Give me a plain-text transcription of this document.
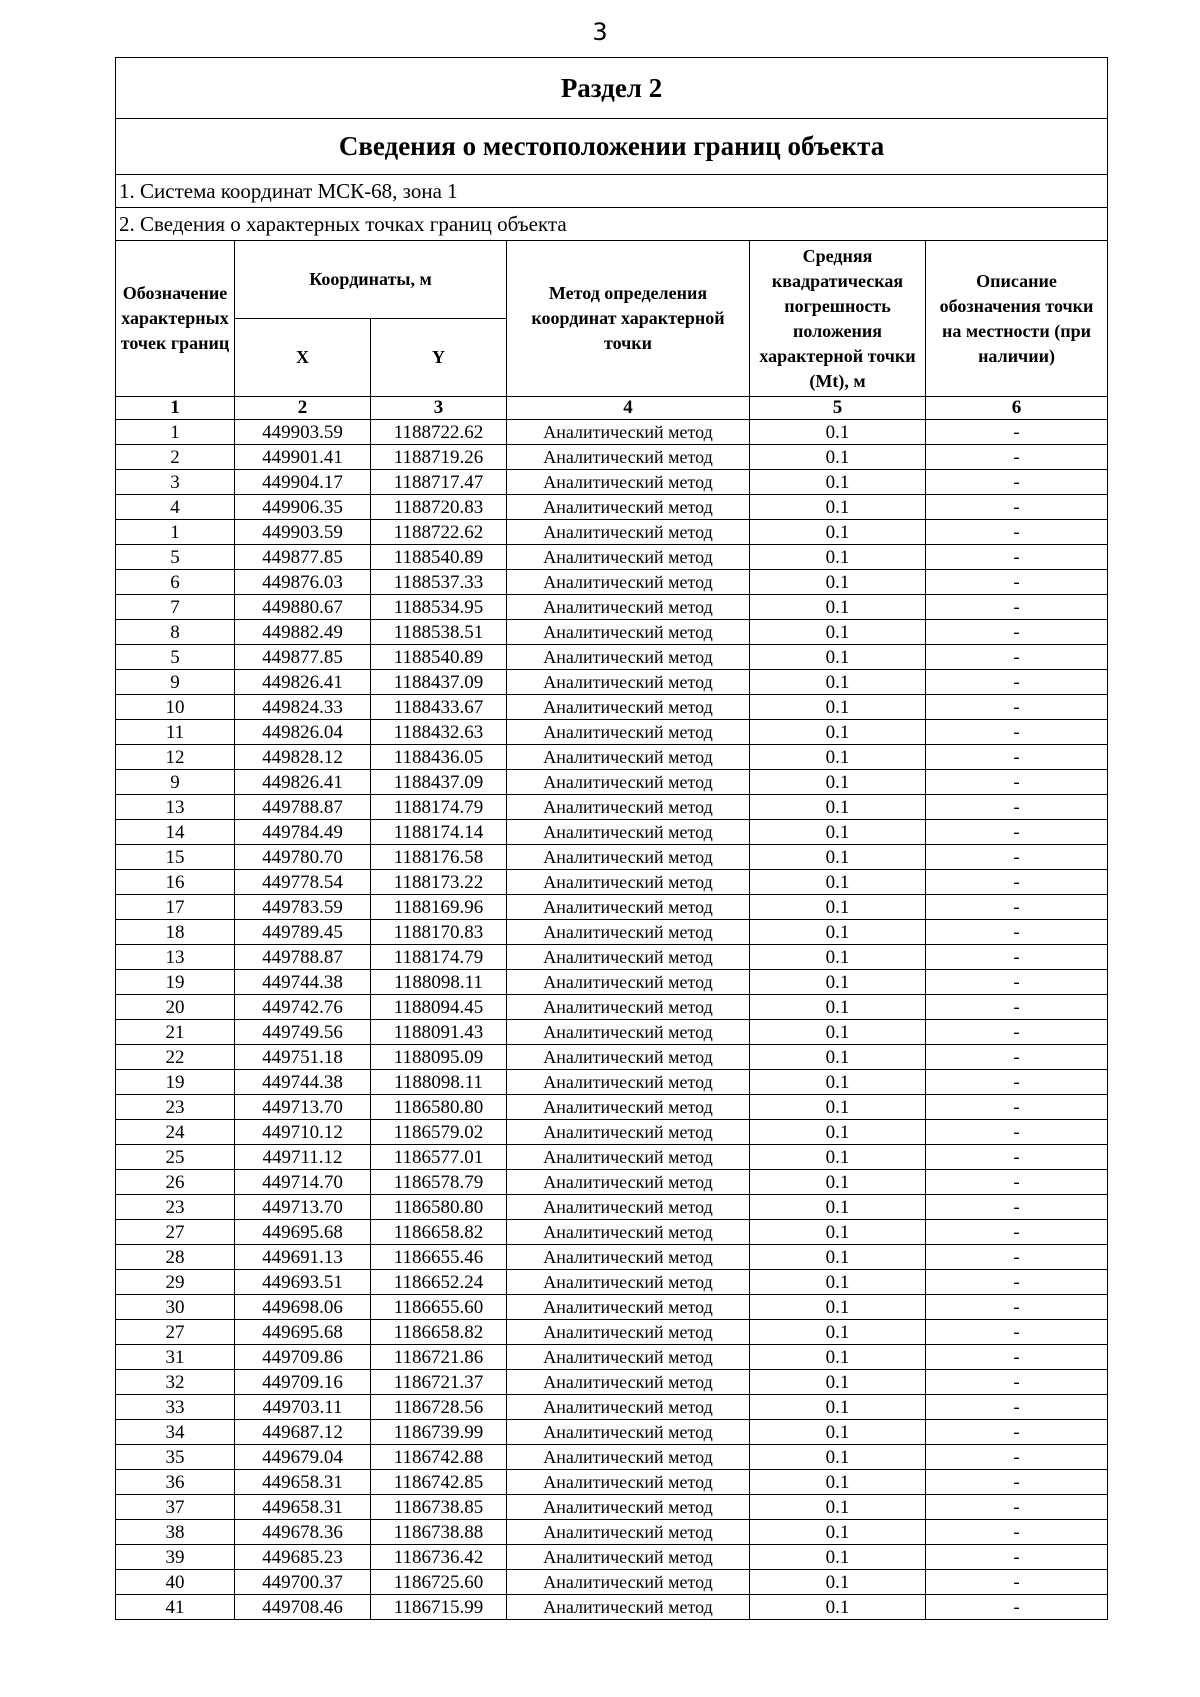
3
Раздел 2					
Сведения о местоположении границ объекта					
1. Система координат МСК-68, зона 1					
2. Сведения о характерных точках границ объекта					
Обозначение характерных точек границ	Координаты, м		Метод определения координат характерной точки	Средняя квадратическая погрешность положения характерной точки (Mt), м	Описание обозначения точки на местности (при наличии)
	X	Y			
1	2	3	4	5	6
1	449903.59	1188722.62	Аналитический метод	0.1	-
2	449901.41	1188719.26	Аналитический метод	0.1	-
3	449904.17	1188717.47	Аналитический метод	0.1	-
4	449906.35	1188720.83	Аналитический метод	0.1	-
1	449903.59	1188722.62	Аналитический метод	0.1	-
5	449877.85	1188540.89	Аналитический метод	0.1	-
6	449876.03	1188537.33	Аналитический метод	0.1	-
7	449880.67	1188534.95	Аналитический метод	0.1	-
8	449882.49	1188538.51	Аналитический метод	0.1	-
5	449877.85	1188540.89	Аналитический метод	0.1	-
9	449826.41	1188437.09	Аналитический метод	0.1	-
10	449824.33	1188433.67	Аналитический метод	0.1	-
11	449826.04	1188432.63	Аналитический метод	0.1	-
12	449828.12	1188436.05	Аналитический метод	0.1	-
9	449826.41	1188437.09	Аналитический метод	0.1	-
13	449788.87	1188174.79	Аналитический метод	0.1	-
14	449784.49	1188174.14	Аналитический метод	0.1	-
15	449780.70	1188176.58	Аналитический метод	0.1	-
16	449778.54	1188173.22	Аналитический метод	0.1	-
17	449783.59	1188169.96	Аналитический метод	0.1	-
18	449789.45	1188170.83	Аналитический метод	0.1	-
13	449788.87	1188174.79	Аналитический метод	0.1	-
19	449744.38	1188098.11	Аналитический метод	0.1	-
20	449742.76	1188094.45	Аналитический метод	0.1	-
21	449749.56	1188091.43	Аналитический метод	0.1	-
22	449751.18	1188095.09	Аналитический метод	0.1	-
19	449744.38	1188098.11	Аналитический метод	0.1	-
23	449713.70	1186580.80	Аналитический метод	0.1	-
24	449710.12	1186579.02	Аналитический метод	0.1	-
25	449711.12	1186577.01	Аналитический метод	0.1	-
26	449714.70	1186578.79	Аналитический метод	0.1	-
23	449713.70	1186580.80	Аналитический метод	0.1	-
27	449695.68	1186658.82	Аналитический метод	0.1	-
28	449691.13	1186655.46	Аналитический метод	0.1	-
29	449693.51	1186652.24	Аналитический метод	0.1	-
30	449698.06	1186655.60	Аналитический метод	0.1	-
27	449695.68	1186658.82	Аналитический метод	0.1	-
31	449709.86	1186721.86	Аналитический метод	0.1	-
32	449709.16	1186721.37	Аналитический метод	0.1	-
33	449703.11	1186728.56	Аналитический метод	0.1	-
34	449687.12	1186739.99	Аналитический метод	0.1	-
35	449679.04	1186742.88	Аналитический метод	0.1	-
36	449658.31	1186742.85	Аналитический метод	0.1	-
37	449658.31	1186738.85	Аналитический метод	0.1	-
38	449678.36	1186738.88	Аналитический метод	0.1	-
39	449685.23	1186736.42	Аналитический метод	0.1	-
40	449700.37	1186725.60	Аналитический метод	0.1	-
41	449708.46	1186715.99	Аналитический метод	0.1	-
